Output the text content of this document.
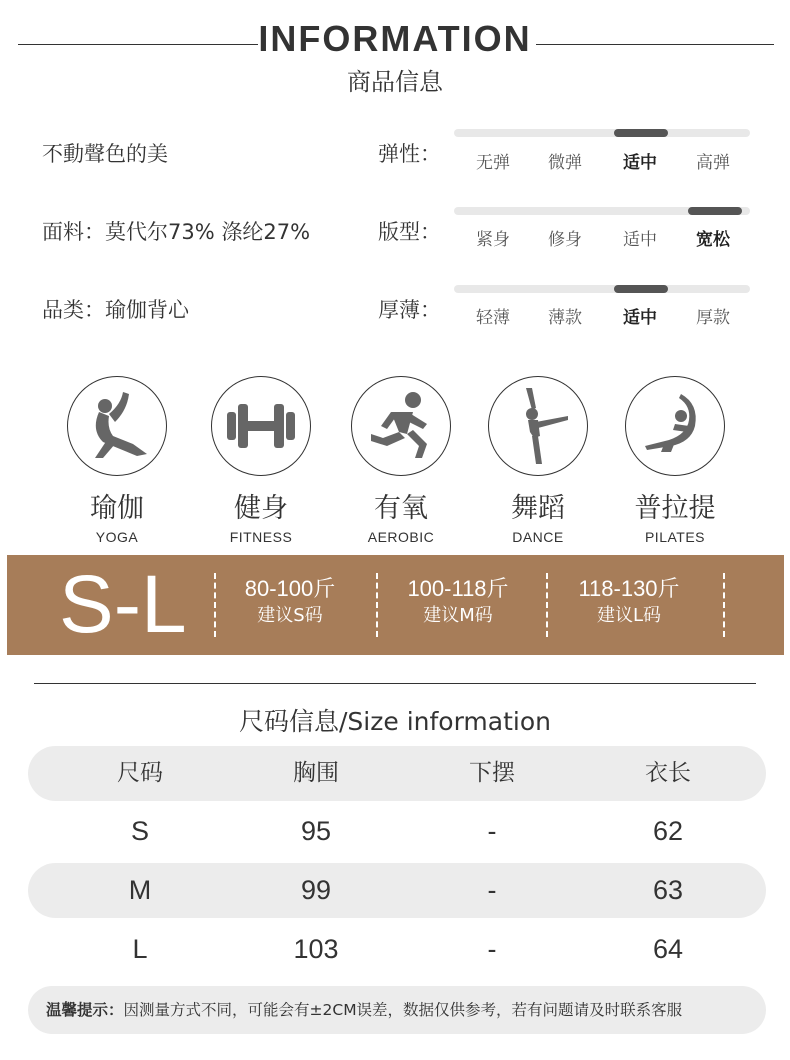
INFORMATION
商品信息
不動聲色的美
面料：莫代尔73% 涤纶27%
品类：瑜伽背心
弹性：	无弹	微弹	适中	高弹
版型：	紧身	修身	适中	宽松
厚薄：	轻薄	薄款	适中	厚款
瑜伽
YOGA
健身
FITNESS
有氧
AEROBIC
舞蹈
DANCE
普拉提
PILATES
S-L	80-100斤
建议S码
100-118斤
建议M码
118-130斤
建议L码
尺码信息/Size information
尺码	胸围	下摆	衣长
S	95	-	62
M	99	-	63
L	103	-	64
温馨提示：因测量方式不同，可能会有±2CM误差，数据仅供参考，若有问题请及时联系客服
